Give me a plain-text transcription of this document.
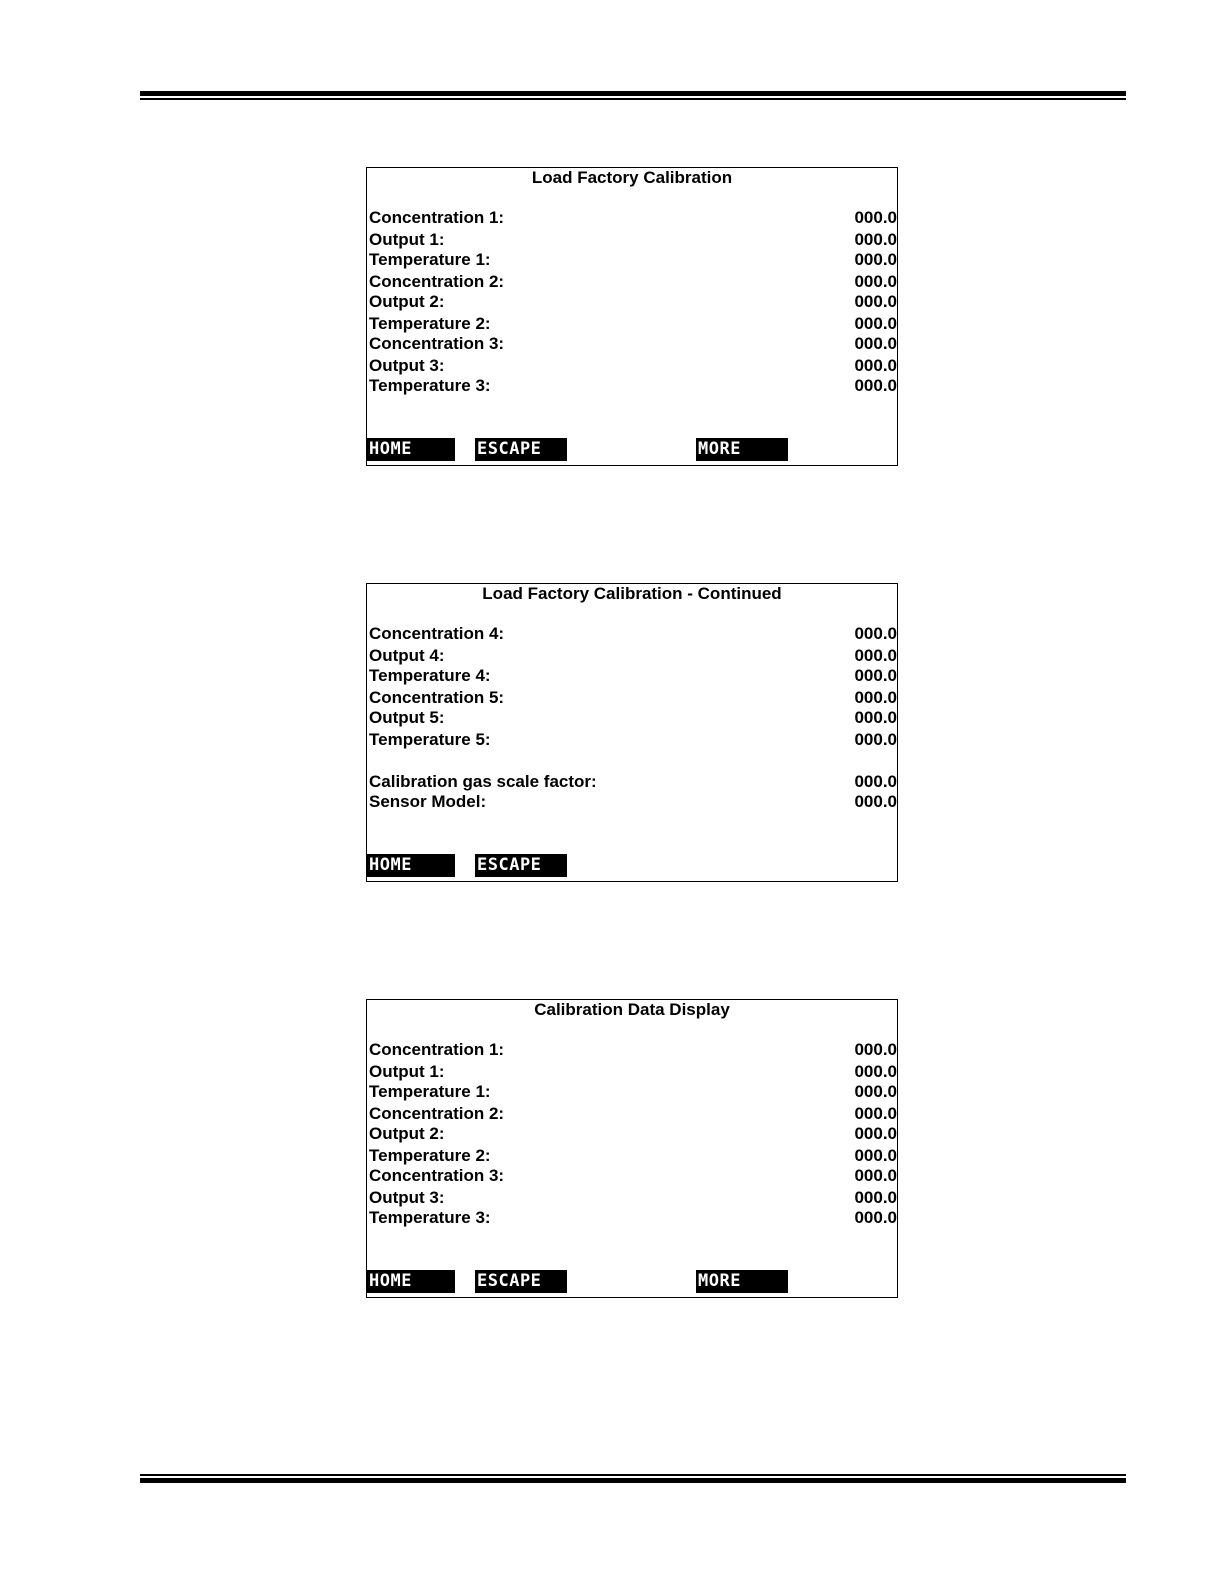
Load Factory Calibration
Concentration 1:	000.0
Output 1:	000.0
Temperature 1:	000.0
Concentration 2:	000.0
Output 2:	000.0
Temperature 2:	000.0
Concentration 3:	000.0
Output 3:	000.0
Temperature 3:	000.0
HOME	ESCAPE	MORE
Load Factory Calibration - Continued
Concentration 4:	000.0
Output 4:	000.0
Temperature 4:	000.0
Concentration 5:	000.0
Output 5:	000.0
Temperature 5:	000.0
Calibration gas scale factor:	000.0
Sensor Model:	000.0
HOME	ESCAPE
Calibration Data Display
Concentration 1:	000.0
Output 1:	000.0
Temperature 1:	000.0
Concentration 2:	000.0
Output 2:	000.0
Temperature 2:	000.0
Concentration 3:	000.0
Output 3:	000.0
Temperature 3:	000.0
HOME	ESCAPE	MORE
